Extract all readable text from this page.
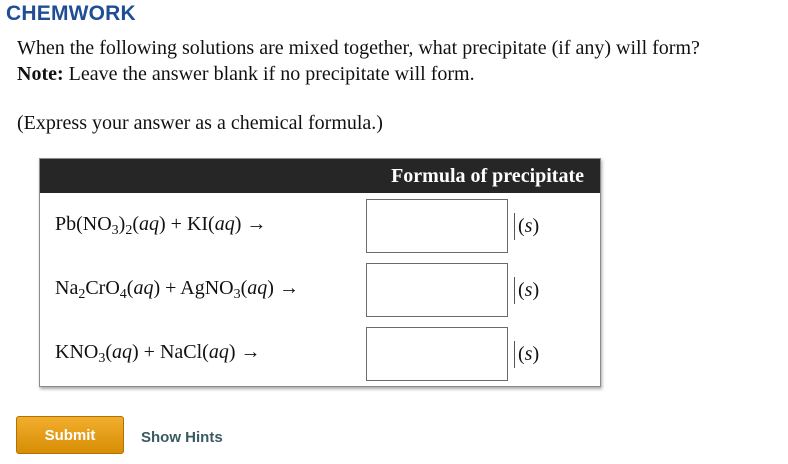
CHEMWORK
When the following solutions are mixed together, what precipitate (if any) will form?
Note: Leave the answer blank if no precipitate will form.
(Express your answer as a chemical formula.)
Formula of precipitate
$Pb(NO_3)_2(aq) + KI(aq)$ →	(s)
$Na_2CrO_4(aq)$ + AgNO$_3$(aq) →	(s)
$KNO_3(aq)$ + NaCl(aq) →	(s)
Submit	Show Hints
